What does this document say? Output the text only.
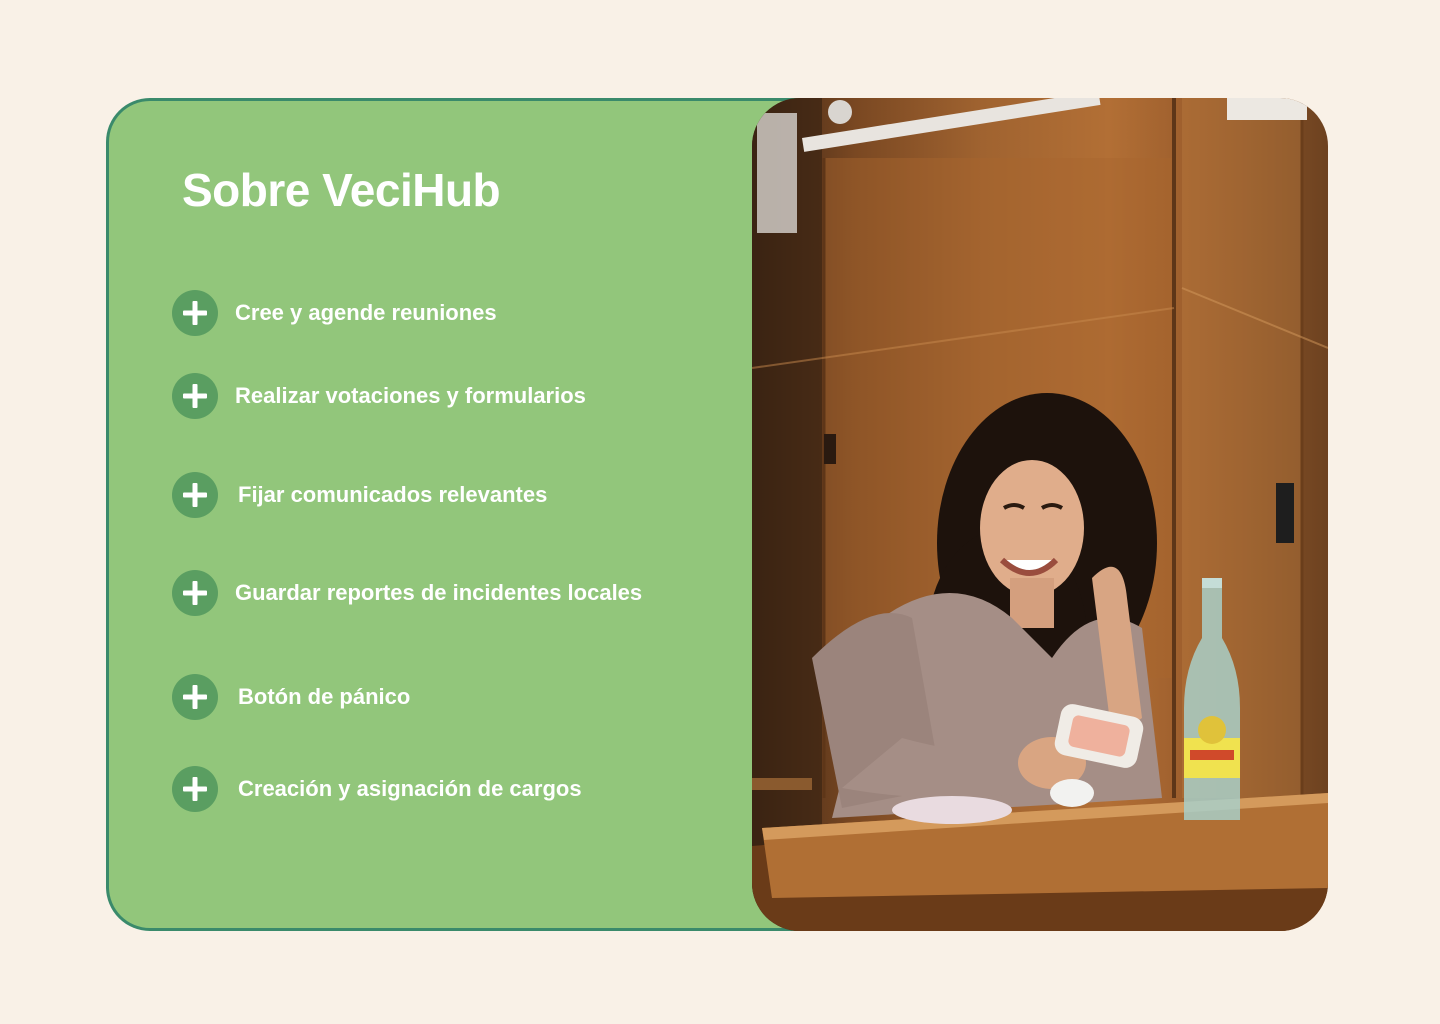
Sobre VeciHub
Cree y agende reuniones
Realizar votaciones y formularios
Fijar comunicados relevantes
Guardar reportes de incidentes locales
Botón de pánico
Creación y asignación de cargos
